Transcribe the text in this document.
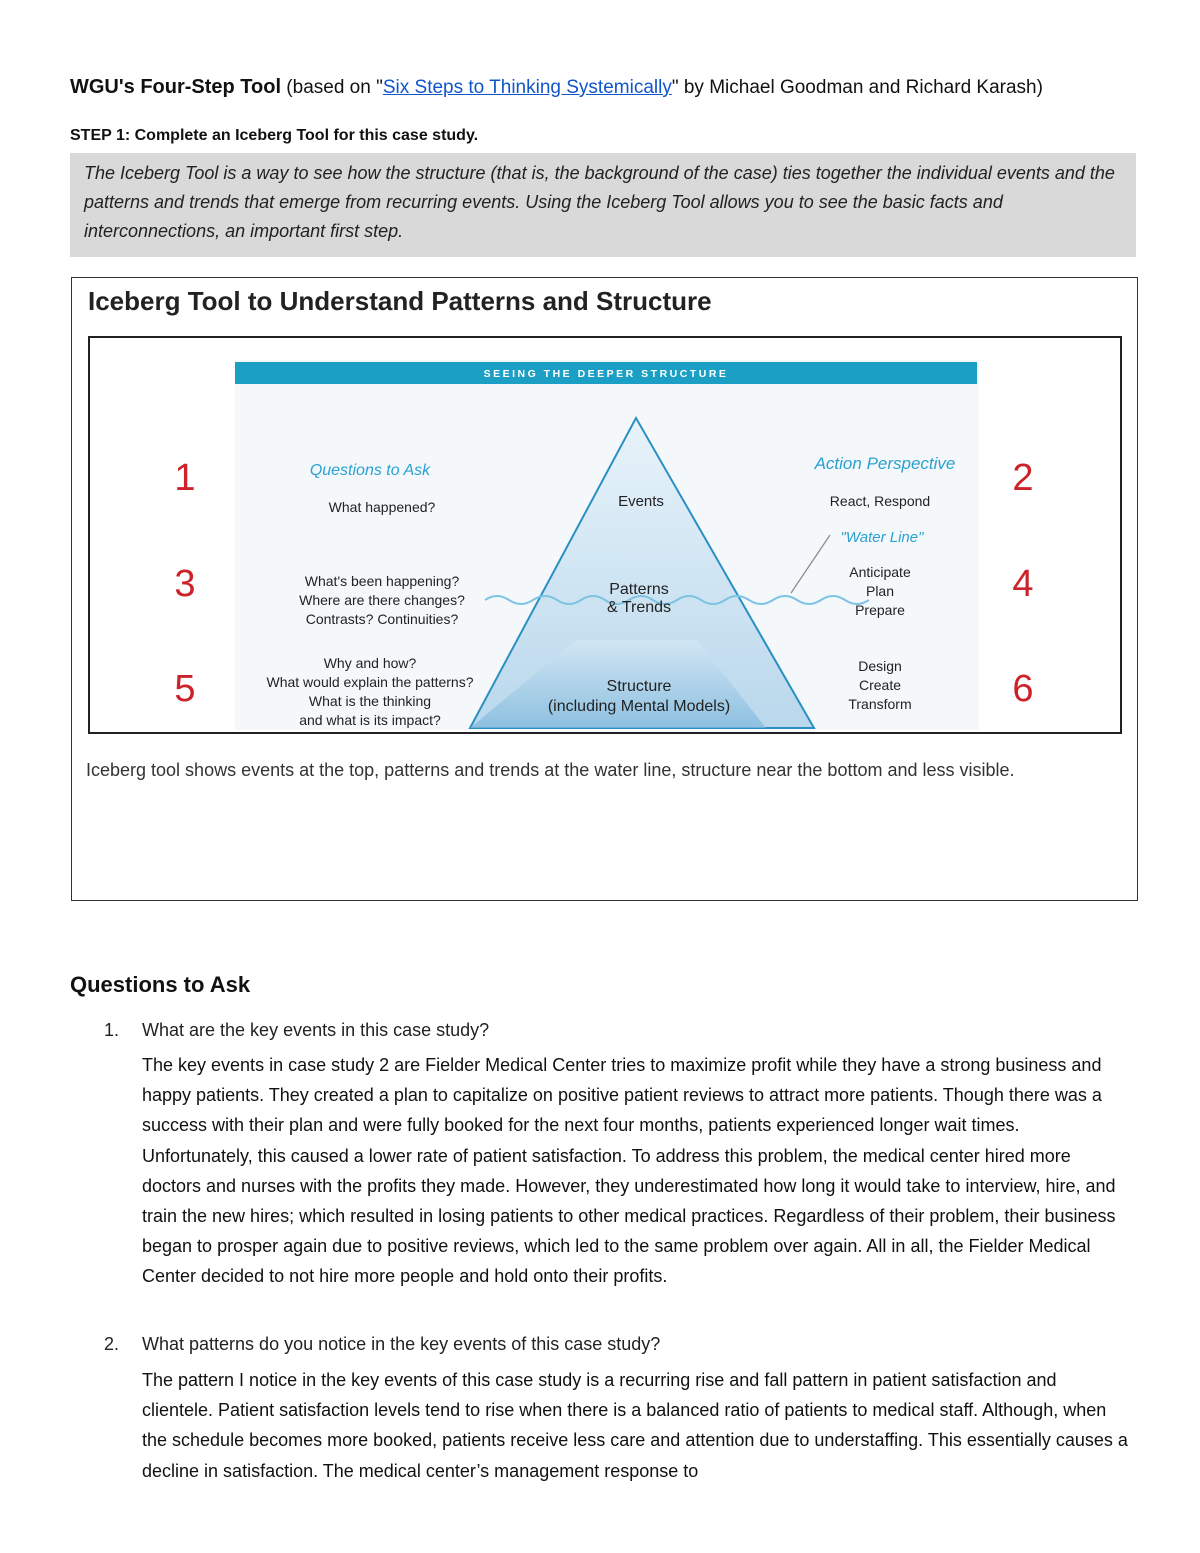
WGU's Four-Step Tool (based on "Six Steps to Thinking Systemically" by Michael Goodman and Richard Karash)
STEP 1: Complete an Iceberg Tool for this case study.
The Iceberg Tool is a way to see how the structure (that is, the background of the case) ties together the individual events and the patterns and trends that emerge from recurring events. Using the Iceberg Tool allows you to see the basic facts and interconnections, an important first step.
Iceberg Tool to Understand Patterns and Structure
SEEING THE DEEPER STRUCTURE
1	2
3	4
5	6
Questions to Ask	Action Perspective
"Water Line"
What happened?
What's been happening?
Where are there changes?
Contrasts? Continuities?
Why and how?
What would explain the patterns?
What is the thinking
and what is its impact?
Events
Patterns
& Trends
Structure
(including Mental Models)
React, Respond
Anticipate
Plan
Prepare
Design
Create
Transform
Iceberg tool shows events at the top, patterns and trends at the water line, structure near the bottom and less visible.
Questions to Ask
1. What are the key events in this case study?
The key events in case study 2 are Fielder Medical Center tries to maximize profit while they have a strong business and happy patients. They created a plan to capitalize on positive patient reviews to attract more patients. Though there was a success with their plan and were fully booked for the next four months, patients experienced longer wait times. Unfortunately, this caused a lower rate of patient satisfaction. To address this problem, the medical center hired more doctors and nurses with the profits they made. However, they underestimated how long it would take to interview, hire, and train the new hires; which resulted in losing patients to other medical practices. Regardless of their problem, their business began to prosper again due to positive reviews, which led to the same problem over again. All in all, the Fielder Medical Center decided to not hire more people and hold onto their profits.
2. What patterns do you notice in the key events of this case study?
The pattern I notice in the key events of this case study is a recurring rise and fall pattern in patient satisfaction and clientele. Patient satisfaction levels tend to rise when there is a balanced ratio of patients to medical staff. Although, when the schedule becomes more booked, patients receive less care and attention due to understaffing. This essentially causes a decline in satisfaction. The medical center’s management response to
